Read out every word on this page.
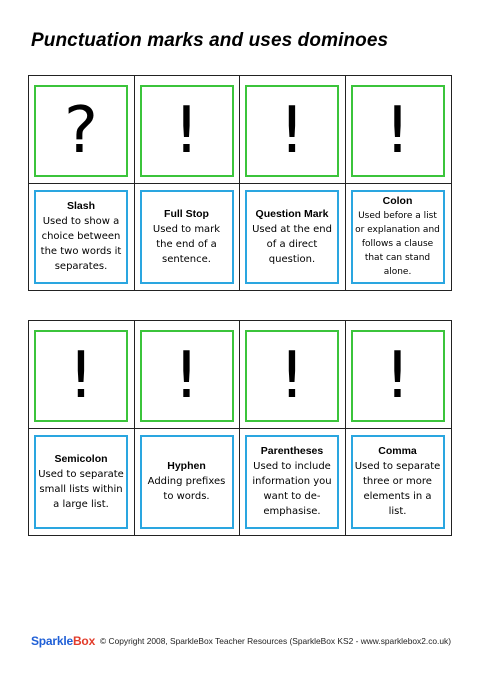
Punctuation marks and uses dominoes
?
Slash
Used to show a choice between the two words it separates.
!
Full Stop
Used to mark the end of a sentence.
!
Question Mark
Used at the end of a direct question.
!
Colon
Used before a list or explanation and follows a clause that can stand alone.
!
Semicolon
Used to separate small lists within a large list.
!
Hyphen
Adding prefixes to words.
!
Parentheses
Used to include information you want to de-emphasise.
!
Comma
Used to separate three or more elements in a list.
SparkleBox © Copyright 2008, SparkleBox Teacher Resources (SparkleBox KS2 - www.sparklebox2.co.uk)
